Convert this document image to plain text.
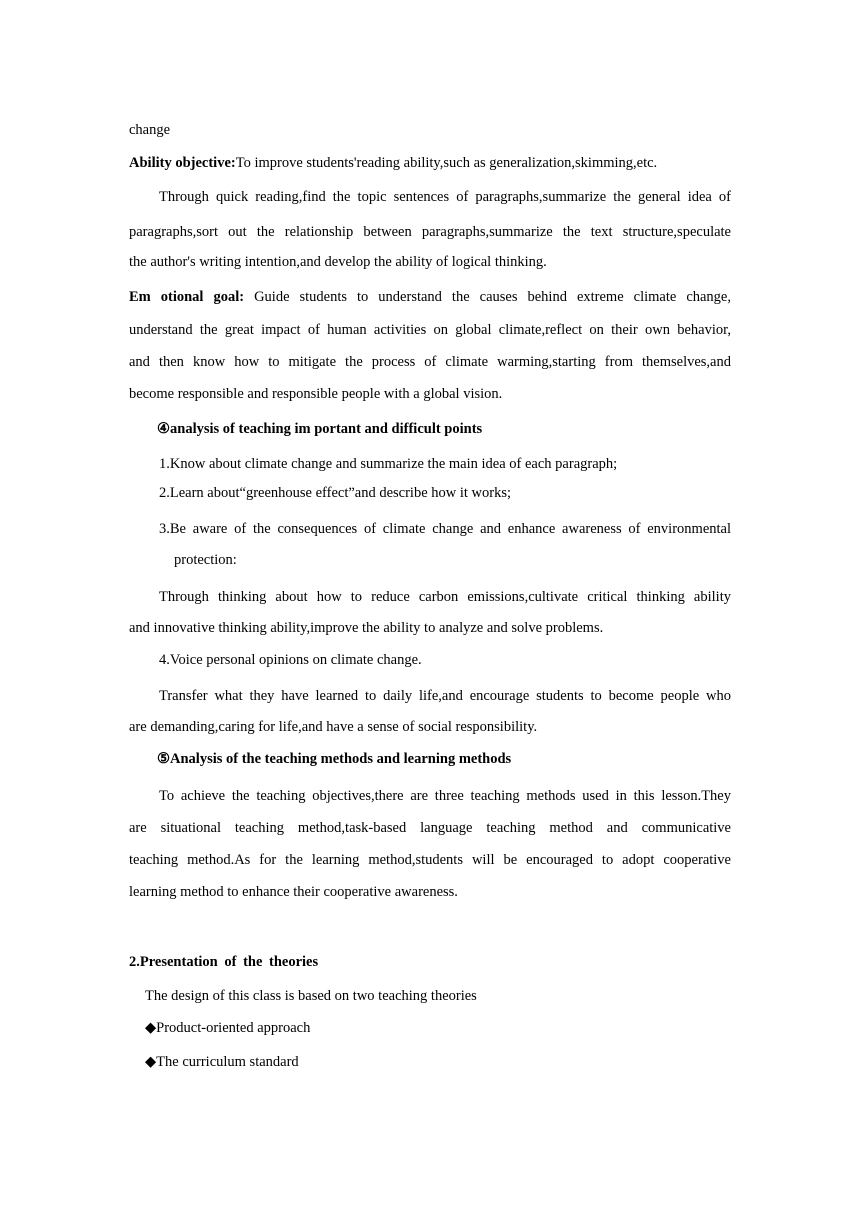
change
Ability objective:To improve students'reading ability,such as generalization,skimming,etc.
Through quick reading,find the topic sentences of paragraphs,summarize the general idea of
paragraphs,sort out the relationship between paragraphs,summarize the text structure,speculate
the author's writing intention,and develop the ability of logical thinking.
Em otional goal: Guide students to understand the causes behind extreme climate change,
understand the great impact of human activities on global climate,reflect on their own behavior,
and then know how to mitigate the process of climate warming,starting from themselves,and
become responsible and responsible people with a global vision.
④analysis of teaching im portant and difficult points
1.Know about climate change and summarize the main idea of each paragraph;
2.Learn about“greenhouse effect”and describe how it works;
3.Be aware of the consequences of climate change and enhance awareness of environmental
protection:
Through thinking about how to reduce carbon emissions,cultivate critical thinking ability
and innovative thinking ability,improve the ability to analyze and solve problems.
4.Voice personal opinions on climate change.
Transfer what they have learned to daily life,and encourage students to become people who
are demanding,caring for life,and have a sense of social responsibility.
⑤Analysis of the teaching methods and learning methods
To achieve the teaching objectives,there are three teaching methods used in this lesson.They
are situational teaching method,task-based language teaching method and communicative
teaching method.As for the learning method,students will be encouraged to adopt cooperative
learning method to enhance their cooperative awareness.
2.Presentation of the theories
The design of this class is based on two teaching theories
◆Product-oriented approach
◆The curriculum standard
